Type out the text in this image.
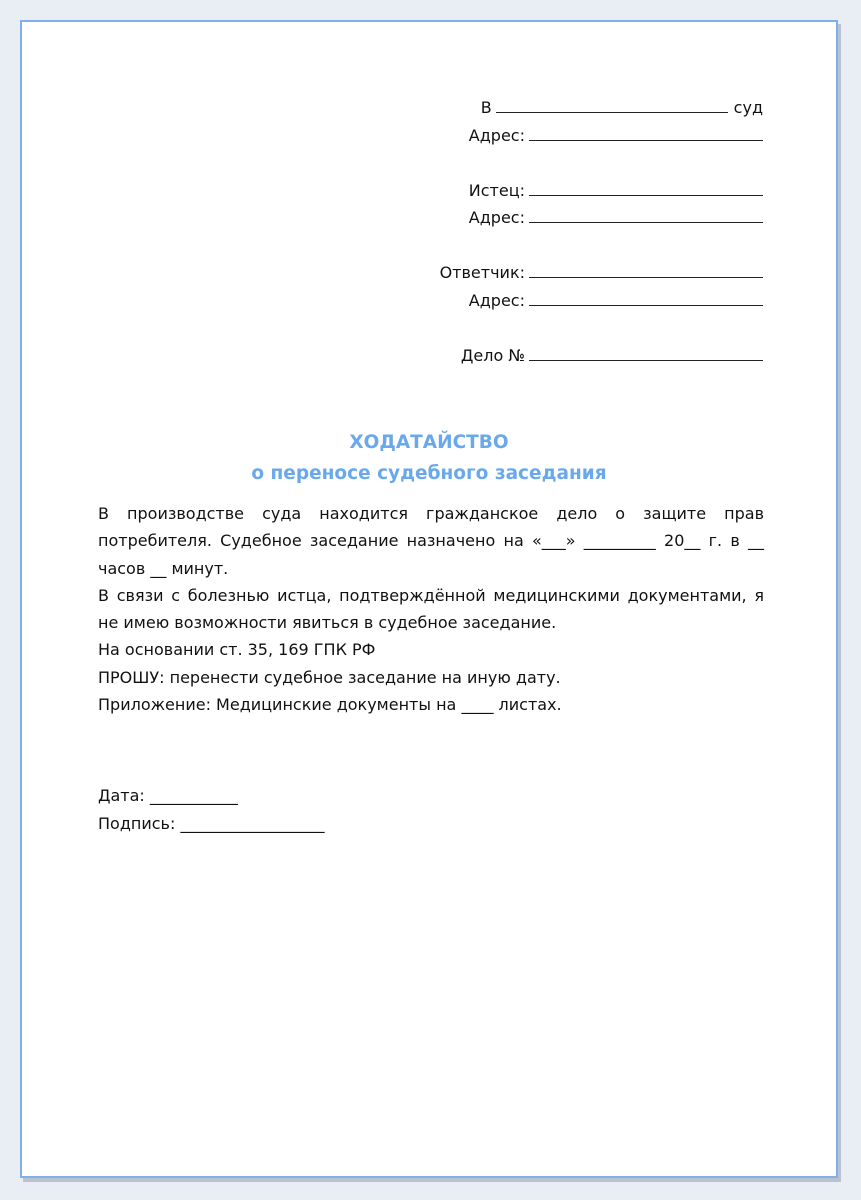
В	суд
Адрес:
Истец:
Адрес:
Ответчик:
Адрес:
Дело №
ХОДАТАЙСТВО
о переносе судебного заседания

В производстве суда находится гражданское дело о защите прав потребителя. Судебное заседание назначено на «___» _________ 20__ г. в __ часов __ минут.

В связи с болезнью истца, подтверждённой медицинскими документами, я не имею возможности явиться в судебное заседание.

На основании ст. 35, 169 ГПК РФ

ПРОШУ: перенести судебное заседание на иную дату.

Приложение: Медицинские документы на ____ листах.

Дата: ___________

Подпись: __________________
